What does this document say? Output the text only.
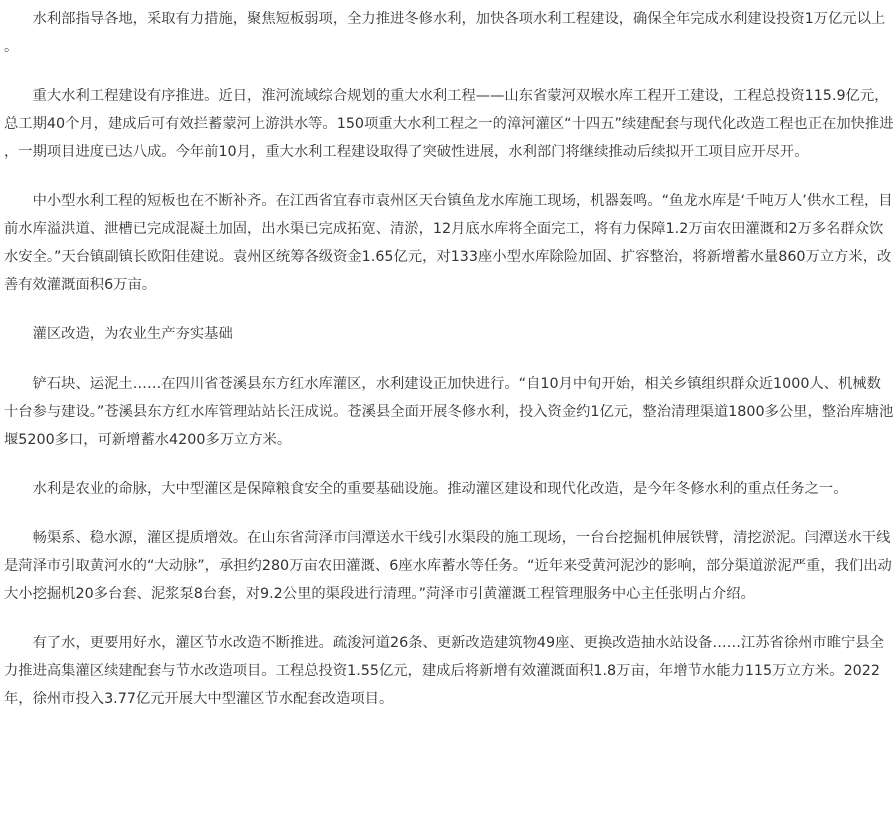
水利部指导各地，采取有力措施，聚焦短板弱项，全力推进冬修水利，加快各项水利工程建设，确保全年完成水利建设投资1万亿元以上。

重大水利工程建设有序推进。近日，淮河流域综合规划的重大水利工程——山东省蒙河双堠水库工程开工建设，工程总投资115.9亿元，总工期40个月，建成后可有效拦蓄蒙河上游洪水等。150项重大水利工程之一的漳河灌区“十四五”续建配套与现代化改造工程也正在加快推进，一期项目进度已达八成。今年前10月，重大水利工程建设取得了突破性进展，水利部门将继续推动后续拟开工项目应开尽开。

中小型水利工程的短板也在不断补齐。在江西省宜春市袁州区天台镇鱼龙水库施工现场，机器轰鸣。“鱼龙水库是‘千吨万人’供水工程，目前水库溢洪道、泄槽已完成混凝土加固，出水渠已完成拓宽、清淤，12月底水库将全面完工，将有力保障1.2万亩农田灌溉和2万多名群众饮水安全。”天台镇副镇长欧阳佳建说。袁州区统筹各级资金1.65亿元，对133座小型水库除险加固、扩容整治，将新增蓄水量860万立方米，改善有效灌溉面积6万亩。

灌区改造，为农业生产夯实基础

铲石块、运泥土……在四川省苍溪县东方红水库灌区，水利建设正加快进行。“自10月中旬开始，相关乡镇组织群众近1000人、机械数十台参与建设。”苍溪县东方红水库管理站站长汪成说。苍溪县全面开展冬修水利，投入资金约1亿元，整治清理渠道1800多公里，整治库塘池堰5200多口，可新增蓄水4200多万立方米。

水利是农业的命脉，大中型灌区是保障粮食安全的重要基础设施。推动灌区建设和现代化改造，是今年冬修水利的重点任务之一。

畅渠系、稳水源，灌区提质增效。在山东省菏泽市闫潭送水干线引水渠段的施工现场，一台台挖掘机伸展铁臂，清挖淤泥。闫潭送水干线是菏泽市引取黄河水的“大动脉”，承担约280万亩农田灌溉、6座水库蓄水等任务。“近年来受黄河泥沙的影响，部分渠道淤泥严重，我们出动大小挖掘机20多台套、泥浆泵8台套，对9.2公里的渠段进行清理。”菏泽市引黄灌溉工程管理服务中心主任张明占介绍。

有了水，更要用好水，灌区节水改造不断推进。疏浚河道26条、更新改造建筑物49座、更换改造抽水站设备……江苏省徐州市睢宁县全力推进高集灌区续建配套与节水改造项目。工程总投资1.55亿元，建成后将新增有效灌溉面积1.8万亩，年增节水能力115万立方米。2022年，徐州市投入3.77亿元开展大中型灌区节水配套改造项目。
